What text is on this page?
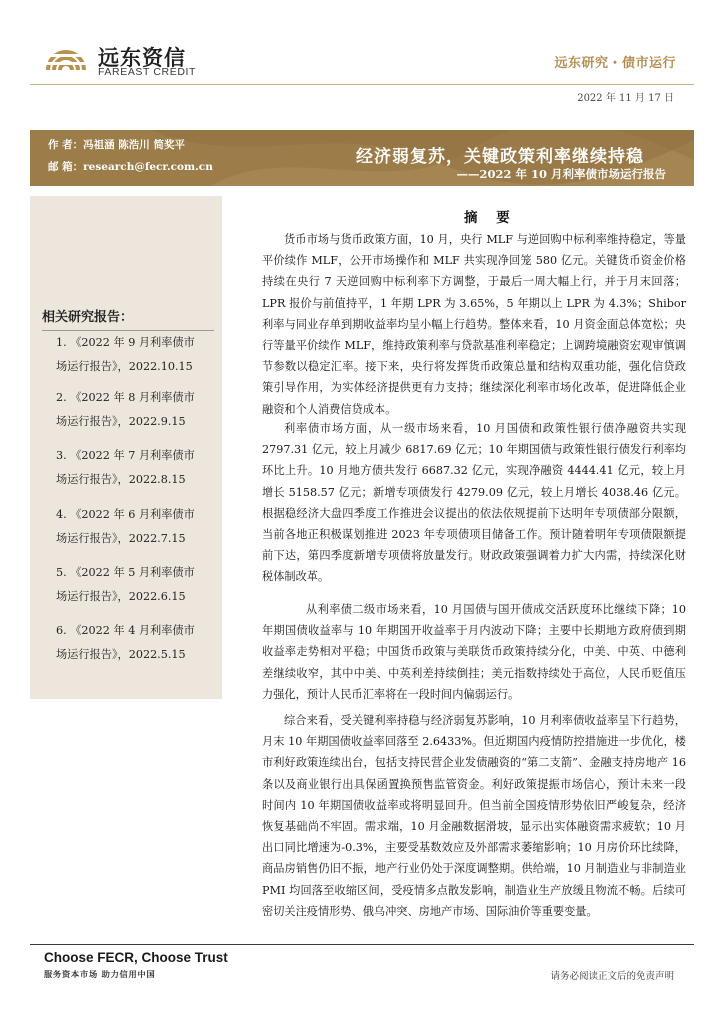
远东资信
FAREAST CREDIT
远东研究・债市运行
2022 年 11 月 17 日
作 者：冯祖涵 陈浩川 简奖平
邮 箱：research@fecr.com.cn	经济弱复苏，关键政策利率继续持稳
——2022 年 10 月利率债市场运行报告
相关研究报告：
1. 《2022 年 9 月利率债市
场运行报告》，2022.10.15
2. 《2022 年 8 月利率债市
场运行报告》，2022.9.15
3. 《2022 年 7 月利率债市
场运行报告》，2022.8.15
4. 《2022 年 6 月利率债市
场运行报告》，2022.7.15
5. 《2022 年 5 月利率债市
场运行报告》，2022.6.15
6. 《2022 年 4 月利率债市
场运行报告》，2022.5.15
摘 要
货币市场与货币政策方面，10 月，央行 MLF 与逆回购中标利率维持稳定，等量平价续作 MLF，公开市场操作和 MLF 共实现净回笼 580 亿元。关键货币资金价格持续在央行 7 天逆回购中标利率下方调整，于最后一周大幅上行，并于月末回落；LPR 报价与前值持平，1 年期 LPR 为 3.65%，5 年期以上 LPR 为 4.3%；Shibor 利率与同业存单到期收益率均呈小幅上行趋势。整体来看，10 月资金面总体宽松；央行等量平价续作 MLF，维持政策利率与贷款基准利率稳定；上调跨境融资宏观审慎调节参数以稳定汇率。接下来，央行将发挥货币政策总量和结构双重功能，强化信贷政策引导作用，为实体经济提供更有力支持；继续深化利率市场化改革，促进降低企业融资和个人消费信贷成本。
利率债市场方面，从一级市场来看，10 月国债和政策性银行债净融资共实现 2797.31 亿元，较上月减少 6817.69 亿元；10 年期国债与政策性银行债发行利率均环比上升。10 月地方债共发行 6687.32 亿元，实现净融资 4444.41 亿元，较上月增长 5158.57 亿元；新增专项债发行 4279.09 亿元，较上月增长 4038.46 亿元。根据稳经济大盘四季度工作推进会议提出的依法依规提前下达明年专项债部分限额，当前各地正积极谋划推进 2023 年专项债项目储备工作。预计随着明年专项债限额提前下达，第四季度新增专项债将放量发行。财政政策强调着力扩大内需，持续深化财税体制改革。
从利率债二级市场来看，10 月国债与国开债成交活跃度环比继续下降；10 年期国债收益率与 10 年期国开收益率于月内波动下降；主要中长期地方政府债到期收益率走势相对平稳；中国货币政策与美联货币政策持续分化，中美、中英、中德利差继续收窄，其中中美、中英利差持续倒挂；美元指数持续处于高位，人民币贬值压力强化，预计人民币汇率将在一段时间内偏弱运行。
综合来看，受关键利率持稳与经济弱复苏影响，10 月利率债收益率呈下行趋势，月末 10 年期国债收益率回落至 2.6433%。但近期国内疫情防控措施进一步优化，楼市利好政策连续出台，包括支持民营企业发债融资的“第二支箭”、金融支持房地产 16 条以及商业银行出具保函置换预售监管资金。利好政策提振市场信心，预计未来一段时间内 10 年期国债收益率或将明显回升。但当前全国疫情形势依旧严峻复杂，经济恢复基础尚不牢固。需求端，10 月金融数据滑坡，显示出实体融资需求疲软；10 月出口同比增速为-0.3%，主要受基数效应及外部需求萎缩影响；10 月房价环比续降，商品房销售仍旧不振，地产行业仍处于深度调整期。供给端，10 月制造业与非制造业 PMI 均回落至收缩区间，受疫情多点散发影响，制造业生产放缓且物流不畅。后续可密切关注疫情形势、俄乌冲突、房地产市场、国际油价等重要变量。
Choose FECR, Choose Trust
服务资本市场 助力信用中国	请务必阅读正文后的免责声明
